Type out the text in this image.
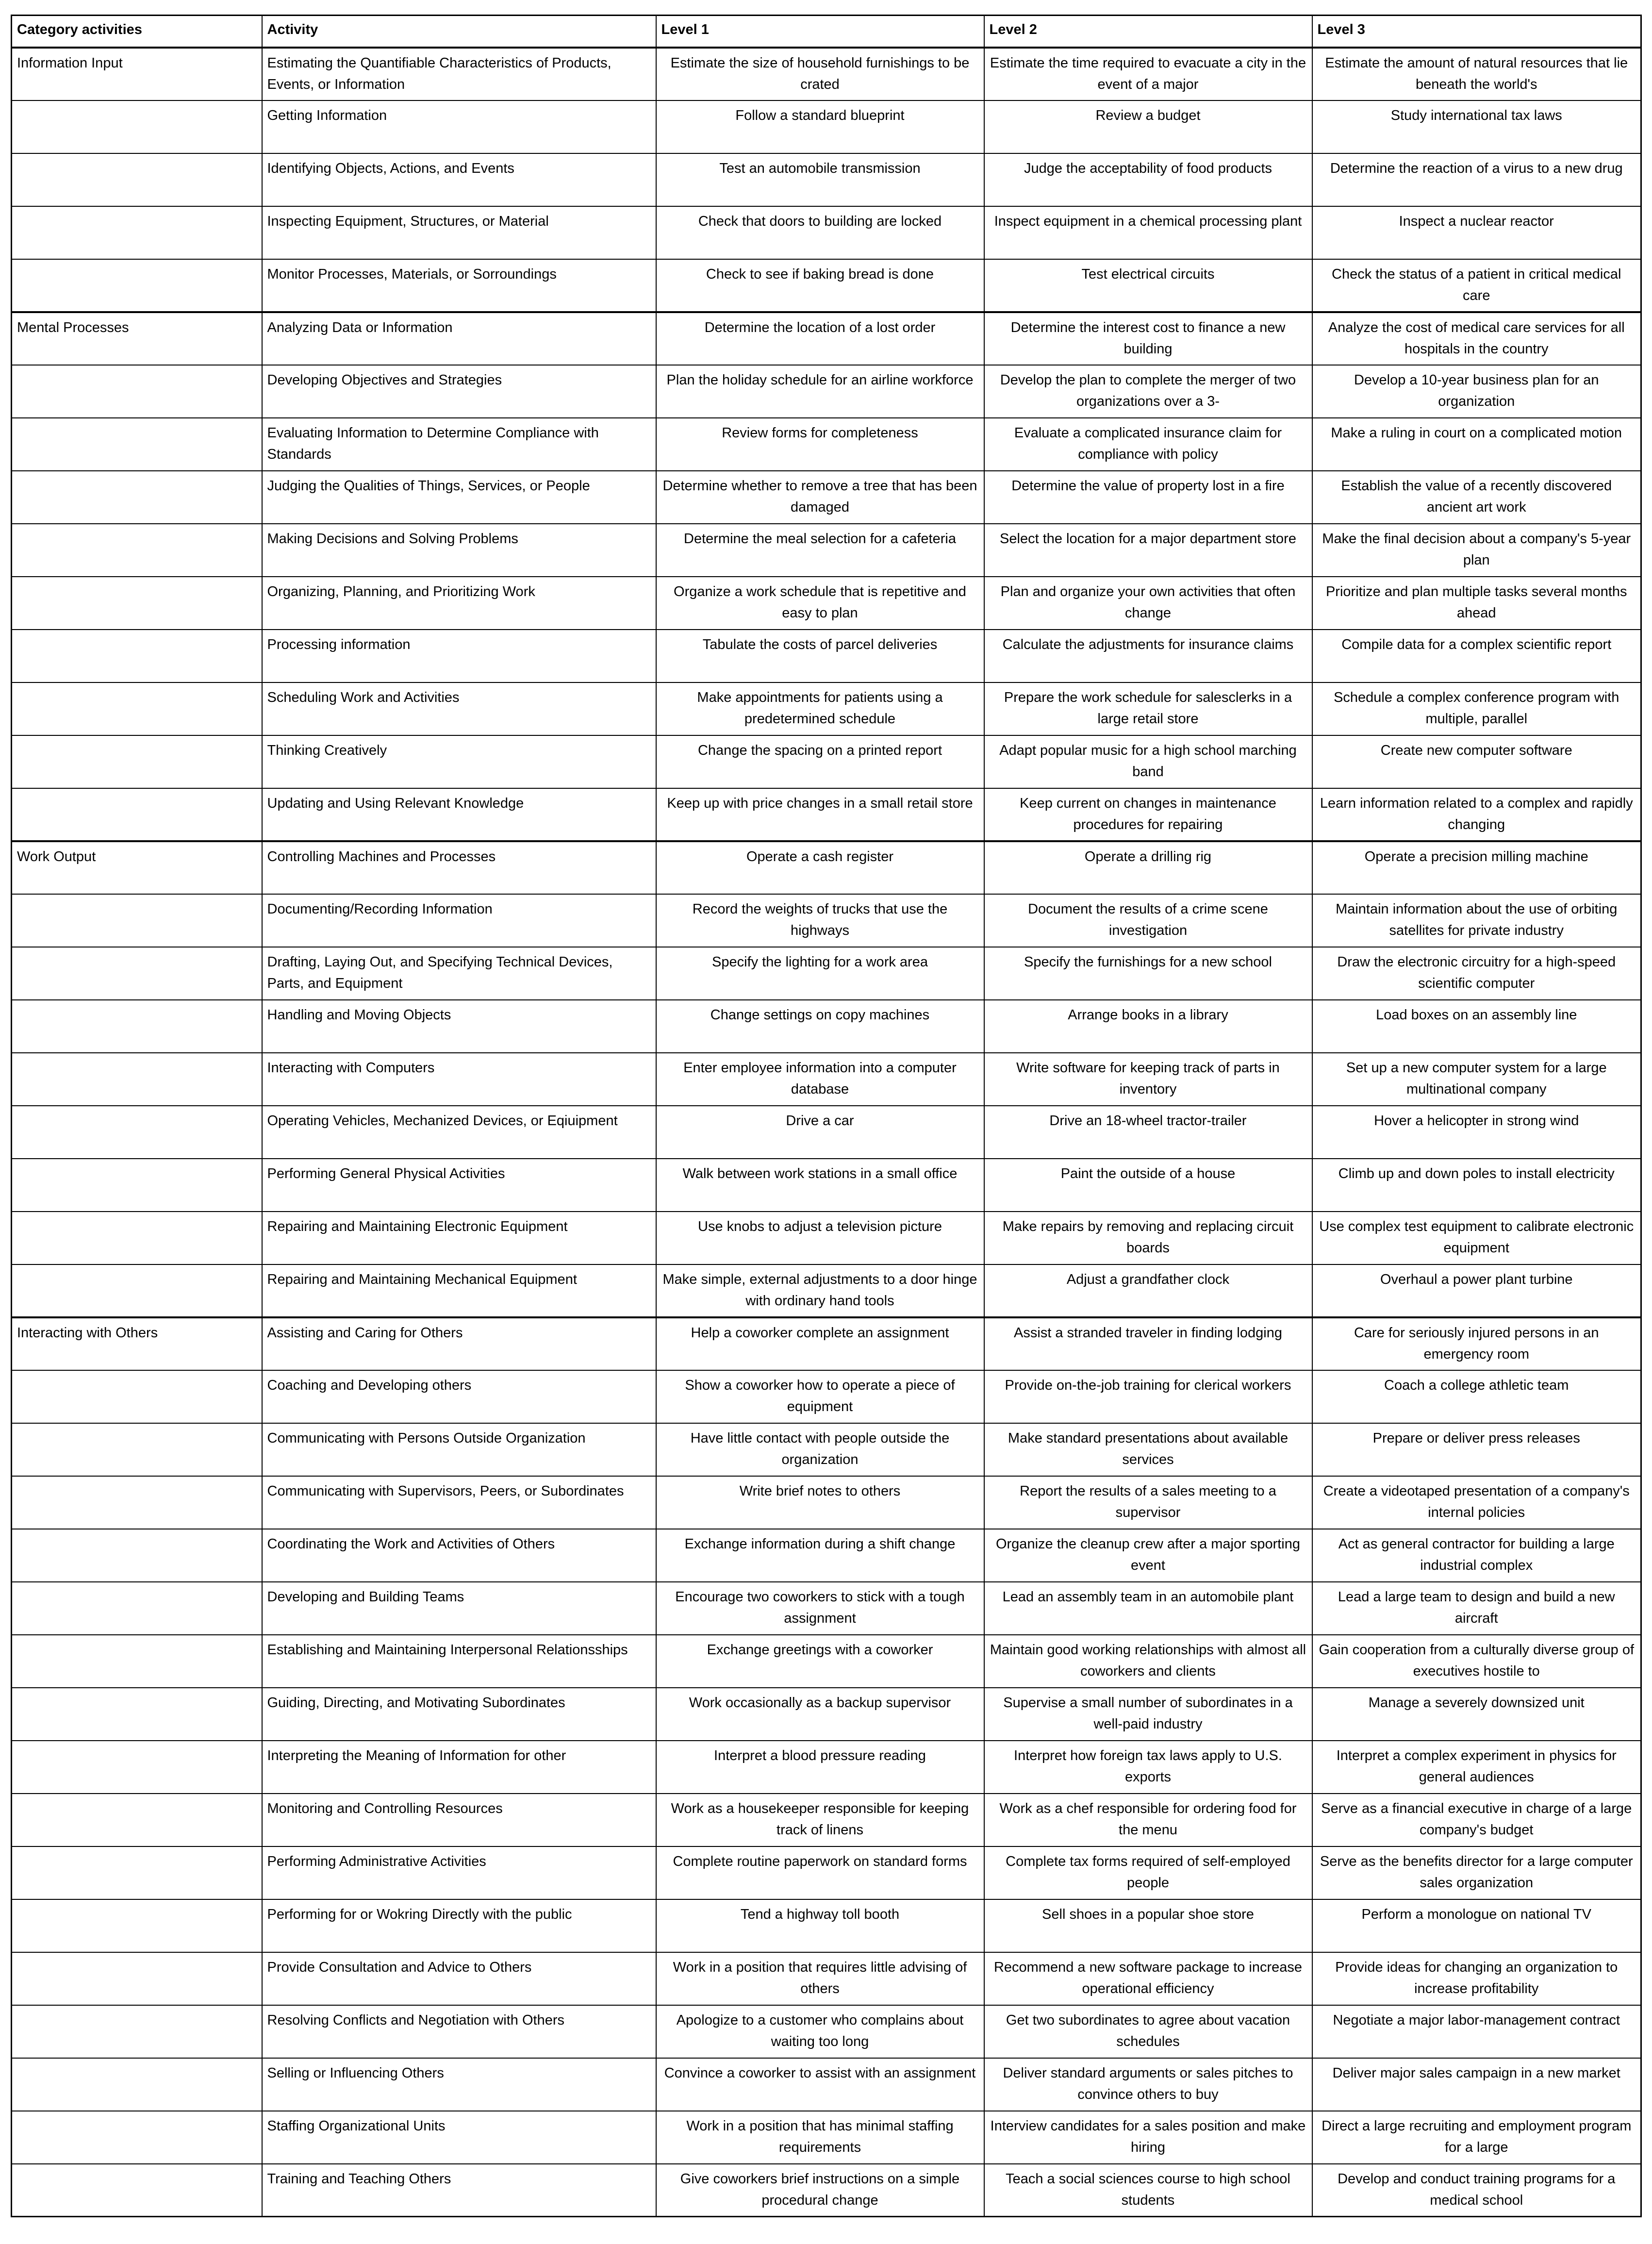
Category activities	Activity	Level 1	Level 2	Level 3
Information Input	Estimating the Quantifiable Characteristics of Products, Events, or Information	Estimate the size of household furnishings to be crated	Estimate the time required to evacuate a city in the event of a major	Estimate the amount of natural resources that lie beneath the world's
	Getting Information	Follow a standard blueprint	Review a budget	Study international tax laws
	Identifying Objects, Actions, and Events	Test an automobile transmission	Judge the acceptability of food products	Determine the reaction of a virus to a new drug
	Inspecting Equipment, Structures, or Material	Check that doors to building are locked	Inspect equipment in a chemical processing plant	Inspect a nuclear reactor
	Monitor Processes, Materials, or Sorroundings	Check to see if baking bread is done	Test electrical circuits	Check the status of a patient in critical medical care
Mental Processes	Analyzing Data or Information	Determine the location of a lost order	Determine the interest cost to finance a new building	Analyze the cost of medical care services for all hospitals in the country
	Developing Objectives and Strategies	Plan the holiday schedule for an airline workforce	Develop the plan to complete the merger of two organizations over a 3-	Develop a 10-year business plan for an organization
	Evaluating Information to Determine Compliance with Standards	Review forms for completeness	Evaluate a complicated insurance claim for compliance with policy	Make a ruling in court on a complicated motion
	Judging the Qualities of Things, Services, or People	Determine whether to remove a tree that has been damaged	Determine the value of property lost in a fire	Establish the value of a recently discovered ancient art work
	Making Decisions and Solving Problems	Determine the meal selection for a cafeteria	Select the location for a major department store	Make the final decision about a company's 5-year plan
	Organizing, Planning, and Prioritizing Work	Organize a work schedule that is repetitive and easy to plan	Plan and organize your own activities that often change	Prioritize and plan multiple tasks several months ahead
	Processing information	Tabulate the costs of parcel deliveries	Calculate the adjustments for insurance claims	Compile data for a complex scientific report
	Scheduling Work and Activities	Make appointments for patients using a predetermined schedule	Prepare the work schedule for salesclerks in a large retail store	Schedule a complex conference program with multiple, parallel
	Thinking Creatively	Change the spacing on a printed report	Adapt popular music for a high school marching band	Create new computer software
	Updating and Using Relevant Knowledge	Keep up with price changes in a small retail store	Keep current on changes in maintenance procedures for repairing	Learn information related to a complex and rapidly changing
Work Output	Controlling Machines and Processes	Operate a cash register	Operate a drilling rig	Operate a precision milling machine
	Documenting/Recording Information	Record the weights of trucks that use the highways	Document the results of a crime scene investigation	Maintain information about the use of orbiting satellites for private industry
	Drafting, Laying Out, and Specifying Technical Devices, Parts, and Equipment	Specify the lighting for a work area	Specify the furnishings for a new school	Draw the electronic circuitry for a high-speed scientific computer
	Handling and Moving Objects	Change settings on copy machines	Arrange books in a library	Load boxes on an assembly line
	Interacting with Computers	Enter employee information into a computer database	Write software for keeping track of parts in inventory	Set up a new computer system for a large multinational company
	Operating Vehicles, Mechanized Devices, or Eqiuipment	Drive a car	Drive an 18-wheel tractor-trailer	Hover a helicopter in strong wind
	Performing General Physical Activities	Walk between work stations in a small office	Paint the outside of a house	Climb up and down poles to install electricity
	Repairing and Maintaining Electronic Equipment	Use knobs to adjust a television picture	Make repairs by removing and replacing circuit boards	Use complex test equipment to calibrate electronic equipment
	Repairing and Maintaining Mechanical Equipment	Make simple, external adjustments to a door hinge with ordinary hand tools	Adjust a grandfather clock	Overhaul a power plant turbine
Interacting with Others	Assisting and Caring for Others	Help a coworker complete an assignment	Assist a stranded traveler in finding lodging	Care for seriously injured persons in an emergency room
	Coaching and Developing others	Show a coworker how to operate a piece of equipment	Provide on-the-job training for clerical workers	Coach a college athletic team
	Communicating with Persons Outside Organization	Have little contact with people outside the organization	Make standard presentations about available services	Prepare or deliver press releases
	Communicating with Supervisors, Peers, or Subordinates	Write brief notes to others	Report the results of a sales meeting to a supervisor	Create a videotaped presentation of a company's internal policies
	Coordinating the Work and Activities of Others	Exchange information during a shift change	Organize the cleanup crew after a major sporting event	Act as general contractor for building a large industrial complex
	Developing and Building Teams	Encourage two coworkers to stick with a tough assignment	Lead an assembly team in an automobile plant	Lead a large team to design and build a new aircraft
	Establishing and Maintaining Interpersonal Relationsships	Exchange greetings with a coworker	Maintain good working relationships with almost all coworkers and clients	Gain cooperation from a culturally diverse group of executives hostile to
	Guiding, Directing, and Motivating Subordinates	Work occasionally as a backup supervisor	Supervise a small number of subordinates in a well-paid industry	Manage a severely downsized unit
	Interpreting the Meaning of Information for other	Interpret a blood pressure reading	Interpret how foreign tax laws apply to U.S. exports	Interpret a complex experiment in physics for general audiences
	Monitoring and Controlling Resources	Work as a housekeeper responsible for keeping track of linens	Work as a chef responsible for ordering food for the menu	Serve as a financial executive in charge of a large company's budget
	Performing Administrative Activities	Complete routine paperwork on standard forms	Complete tax forms required of self-employed people	Serve as the benefits director for a large computer sales organization
	Performing for or Wokring Directly with the public	Tend a highway toll booth	Sell shoes in a popular shoe store	Perform a monologue on national TV
	Provide Consultation and Advice to Others	Work in a position that requires little advising of others	Recommend a new software package to increase operational efficiency	Provide ideas for changing an organization to increase profitability
	Resolving Conflicts and Negotiation with Others	Apologize to a customer who complains about waiting too long	Get two subordinates to agree about vacation schedules	Negotiate a major labor-management contract
	Selling or Influencing Others	Convince a coworker to assist with an assignment	Deliver standard arguments or sales pitches to convince others to buy	Deliver major sales campaign in a new market
	Staffing Organizational Units	Work in a position that has minimal staffing requirements	Interview candidates for a sales position and make hiring	Direct a large recruiting and employment program for a large
	Training and Teaching Others	Give coworkers brief instructions on a simple procedural change	Teach a social sciences course to high school students	Develop and conduct training programs for a medical school
